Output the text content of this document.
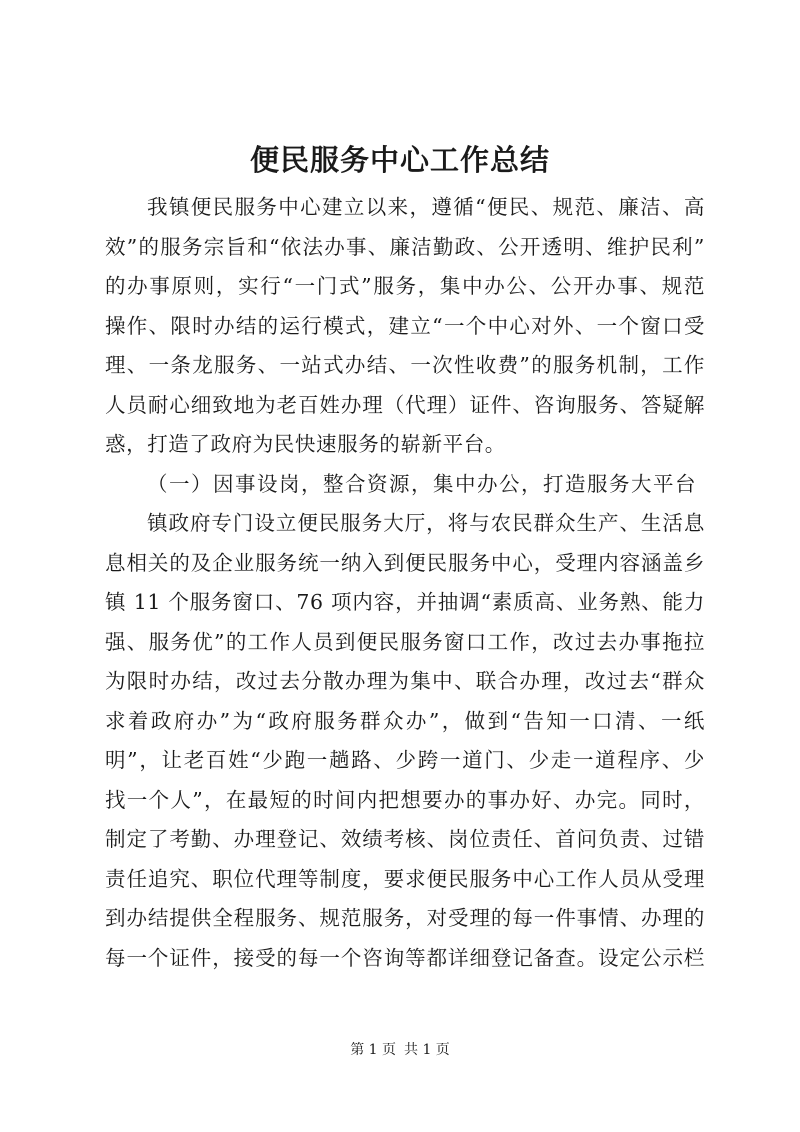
便民服务中心工作总结
我镇便民服务中心建立以来，遵循“便民、规范、廉洁、高
效”的服务宗旨和“依法办事、廉洁勤政、公开透明、维护民利”
的办事原则，实行“一门式”服务，集中办公、公开办事、规范
操作、限时办结的运行模式，建立“一个中心对外、一个窗口受
理、一条龙服务、一站式办结、一次性收费”的服务机制，工作
人员耐心细致地为老百姓办理（代理）证件、咨询服务、答疑解
惑，打造了政府为民快速服务的崭新平台。
（一）因事设岗，整合资源，集中办公，打造服务大平台
镇政府专门设立便民服务大厅，将与农民群众生产、生活息
息相关的及企业服务统一纳入到便民服务中心，受理内容涵盖乡
镇 11 个服务窗口、76 项内容，并抽调“素质高、业务熟、能力
强、服务优”的工作人员到便民服务窗口工作，改过去办事拖拉
为限时办结，改过去分散办理为集中、联合办理，改过去“群众
求着政府办”为“政府服务群众办”，做到“告知一口清、一纸
明”，让老百姓“少跑一趟路、少跨一道门、少走一道程序、少
找一个人”，在最短的时间内把想要办的事办好、办完。同时，
制定了考勤、办理登记、效绩考核、岗位责任、首问负责、过错
责任追究、职位代理等制度，要求便民服务中心工作人员从受理
到办结提供全程服务、规范服务，对受理的每一件事情、办理的
每一个证件，接受的每一个咨询等都详细登记备查。设定公示栏
第 1 页 共 1 页
